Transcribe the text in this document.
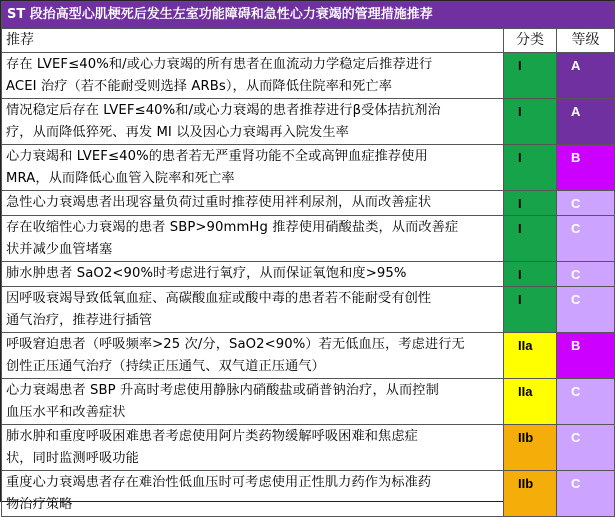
ST 段抬高型心肌梗死后发生左室功能障碍和急性心力衰竭的管理措施推荐		
推荐	分类	等级

存在 LVEF≤40%和/或心力衰竭的所有患者在血流动力学稳定后推荐进行
ACEI 治疗（若不能耐受则选择 ARBs），从而降低住院率和死亡率	I	A

情况稳定后存在 LVEF≤40%和/或心力衰竭的患者推荐进行β受体拮抗剂治
疗，从而降低猝死、再发 MI 以及因心力衰竭再入院发生率	I	A

心力衰竭和 LVEF≤40%的患者若无严重肾功能不全或高钾血症推荐使用
MRA，从而降低心血管入院率和死亡率	I	B

急性心力衰竭患者出现容量负荷过重时推荐使用袢利尿剂，从而改善症状	I	C

存在收缩性心力衰竭的患者 SBP>90mmHg 推荐使用硝酸盐类，从而改善症
状并减少血管堵塞	I	C

肺水肿患者 SaO2<90%时考虑进行氧疗，从而保证氧饱和度>95%	I	C

因呼吸衰竭导致低氧血症、高碳酸血症或酸中毒的患者若不能耐受有创性
通气治疗，推荐进行插管	I	C

呼吸窘迫患者（呼吸频率>25 次/分，SaO2<90%）若无低血压，考虑进行无
创性正压通气治疗（持续正压通气、双气道正压通气）	IIa	B

心力衰竭患者 SBP 升高时考虑使用静脉内硝酸盐或硝普钠治疗，从而控制
血压水平和改善症状	IIa	C

肺水肿和重度呼吸困难患者考虑使用阿片类药物缓解呼吸困难和焦虑症
状，同时监测呼吸功能	IIb	C

重度心力衰竭患者存在难治性低血压时可考虑使用正性肌力药作为标准药
物治疗策略	IIb	C
